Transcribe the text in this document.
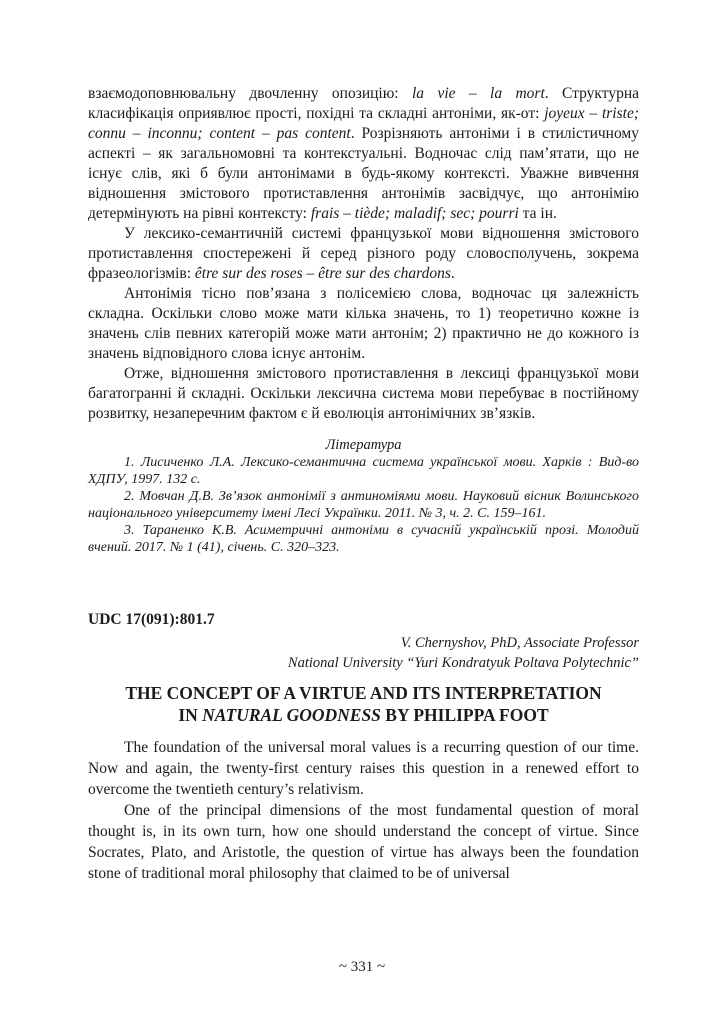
взаємодоповнювальну двочленну опозицію: la vie – la mort. Структурна класифікація оприявлює прості, похідні та складні антоніми, як-от: joyeux – triste; connu – inconnu; content – pas content. Розрізняють антоніми і в стилістичному аспекті – як загальномовні та контекстуальні. Водночас слід пам’ятати, що не існує слів, які б були антонімами в будь-якому контексті. Уважне вивчення відношення змістового протиставлення антонімів засвідчує, що антонімію детермінують на рівні контексту: frais – tiède; maladif; sec; pourri та ін.

У лексико-семантичній системі французької мови відношення змістового протиставлення спостережені й серед різного роду словосполучень, зокрема фразеологізмів: être sur des roses – être sur des chardons.

Антонімія тісно пов’язана з полісемією слова, водночас ця залежність складна. Оскільки слово може мати кілька значень, то 1) теоретично кожне із значень слів певних категорій може мати антонім; 2) практично не до кожного із значень відповідного слова існує антонім.

Отже, відношення змістового протиставлення в лексиці французької мови багатогранні й складні. Оскільки лексична система мови перебуває в постійному розвитку, незаперечним фактом є й еволюція антонімічних зв’язків.

Література

1. Лисиченко Л.А. Лексико-семантична система української мови. Харків : Вид-во ХДПУ, 1997. 132 с.

2. Мовчан Д.В. Зв’язок антонімії з антиноміями мови. Науковий вісник Волинського національного університету імені Лесі Українки. 2011. № 3, ч. 2. С. 159–161.

3. Тараненко К.В. Асиметричні антоніми в сучасній українській прозі. Молодий вчений. 2017. № 1 (41), січень. С. 320–323.

UDC 17(091):801.7
V. Chernyshov, PhD, Associate Professor
National University “Yuri Kondratyuk Poltava Polytechnic”
THE CONCEPT OF A VIRTUE AND ITS INTERPRETATION
IN NATURAL GOODNESS BY PHILIPPA FOOT

The foundation of the universal moral values is a recurring question of our time. Now and again, the twenty-first century raises this question in a renewed effort to overcome the twentieth century’s relativism.

One of the principal dimensions of the most fundamental question of moral thought is, in its own turn, how one should understand the concept of virtue. Since Socrates, Plato, and Aristotle, the question of virtue has always been the foundation stone of traditional moral philosophy that claimed to be of universal

~ 331 ~
